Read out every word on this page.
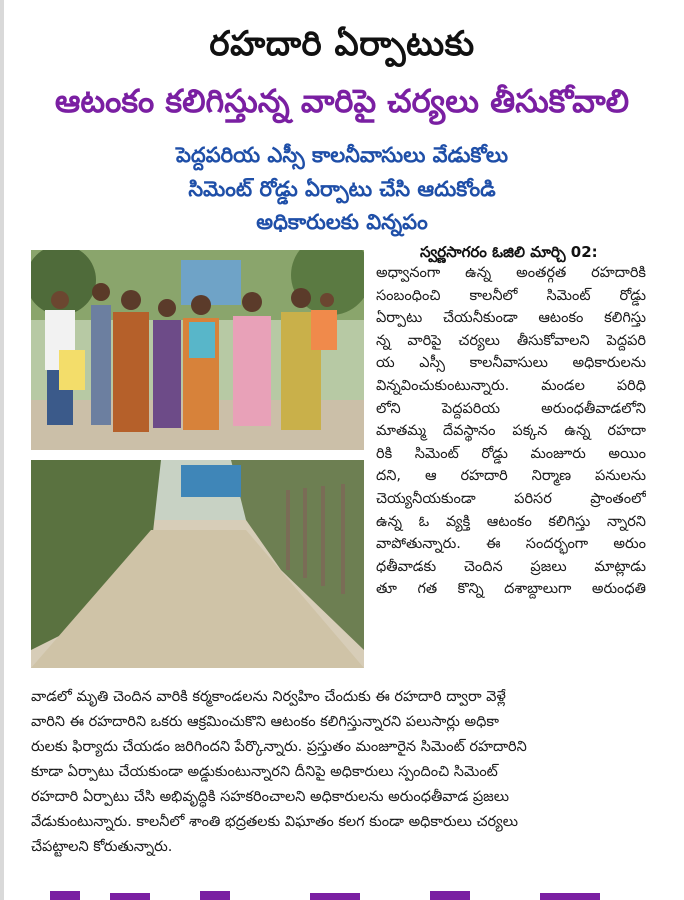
రహదారి ఏర్పాటుకు
ఆటంకం కలిగిస్తున్న వారిపై చర్యలు తీసుకోవాలి
పెద్దపరియ ఎస్సీ కాలనీవాసులు వేడుకోలు
సిమెంట్ రోడ్డు ఏర్పాటు చేసి ఆదుకోండి
అధికారులకు విన్నపం
స్వర్ణసాగరం ఓజిలి మార్చి 02:
అధ్వానంగా ఉన్న అంతర్గత రహదారికి
సంబంధించి కాలనీలో సిమెంట్ రోడ్డు
ఏర్పాటు చేయనీకుండా ఆటంకం కలిగిస్తు
న్న వారిపై చర్యలు తీసుకోవాలని పెద్దపరి
య ఎస్సీ కాలనీవాసులు అధికారులను
విన్నవించుకుంటున్నారు. మండల పరిధి
లోని పెద్దపరియ అరుంధతీవాడలోని
మాతమ్మ దేవస్థానం పక్కన ఉన్న రహదా
రికి సిమెంట్ రోడ్డు మంజూరు అయిం
దని, ఆ రహదారి నిర్మాణ పనులను
చెయ్యనీయకుండా పరిసర ప్రాంతంలో
ఉన్న ఓ వ్యక్తి ఆటంకం కలిగిస్తు న్నారని
వాపోతున్నారు. ఈ సందర్భంగా అరుం
ధతీవాడకు చెందిన ప్రజలు మాట్లాడు
తూ గత కొన్ని దశాబ్దాలుగా అరుంధతి
వాడలో మృతి చెందిన వారికి కర్మకాండలను నిర్వహిం చేందుకు ఈ రహదారి ద్వారా వెళ్లే
వారిని ఈ రహదారిని ఒకరు ఆక్రమించుకొని ఆటంకం కలిగిస్తున్నారని పలుసార్లు అధికా
రులకు ఫిర్యాదు చేయడం జరిగిందని పేర్కొన్నారు. ప్రస్తుతం మంజూరైన సిమెంట్ రహదారిని
కూడా ఏర్పాటు చేయకుండా అడ్డుకుంటున్నారని దీనిపై అధికారులు స్పందించి సిమెంట్
రహదారి ఏర్పాటు చేసి అభివృద్ధికి సహకరించాలని అధికారులను అరుంధతీవాడ ప్రజలు
వేడుకుంటున్నారు. కాలనీలో శాంతి భద్రతలకు విఘాతం కలగ కుండా అధికారులు చర్యలు
చేపట్టాలని కోరుతున్నారు.
